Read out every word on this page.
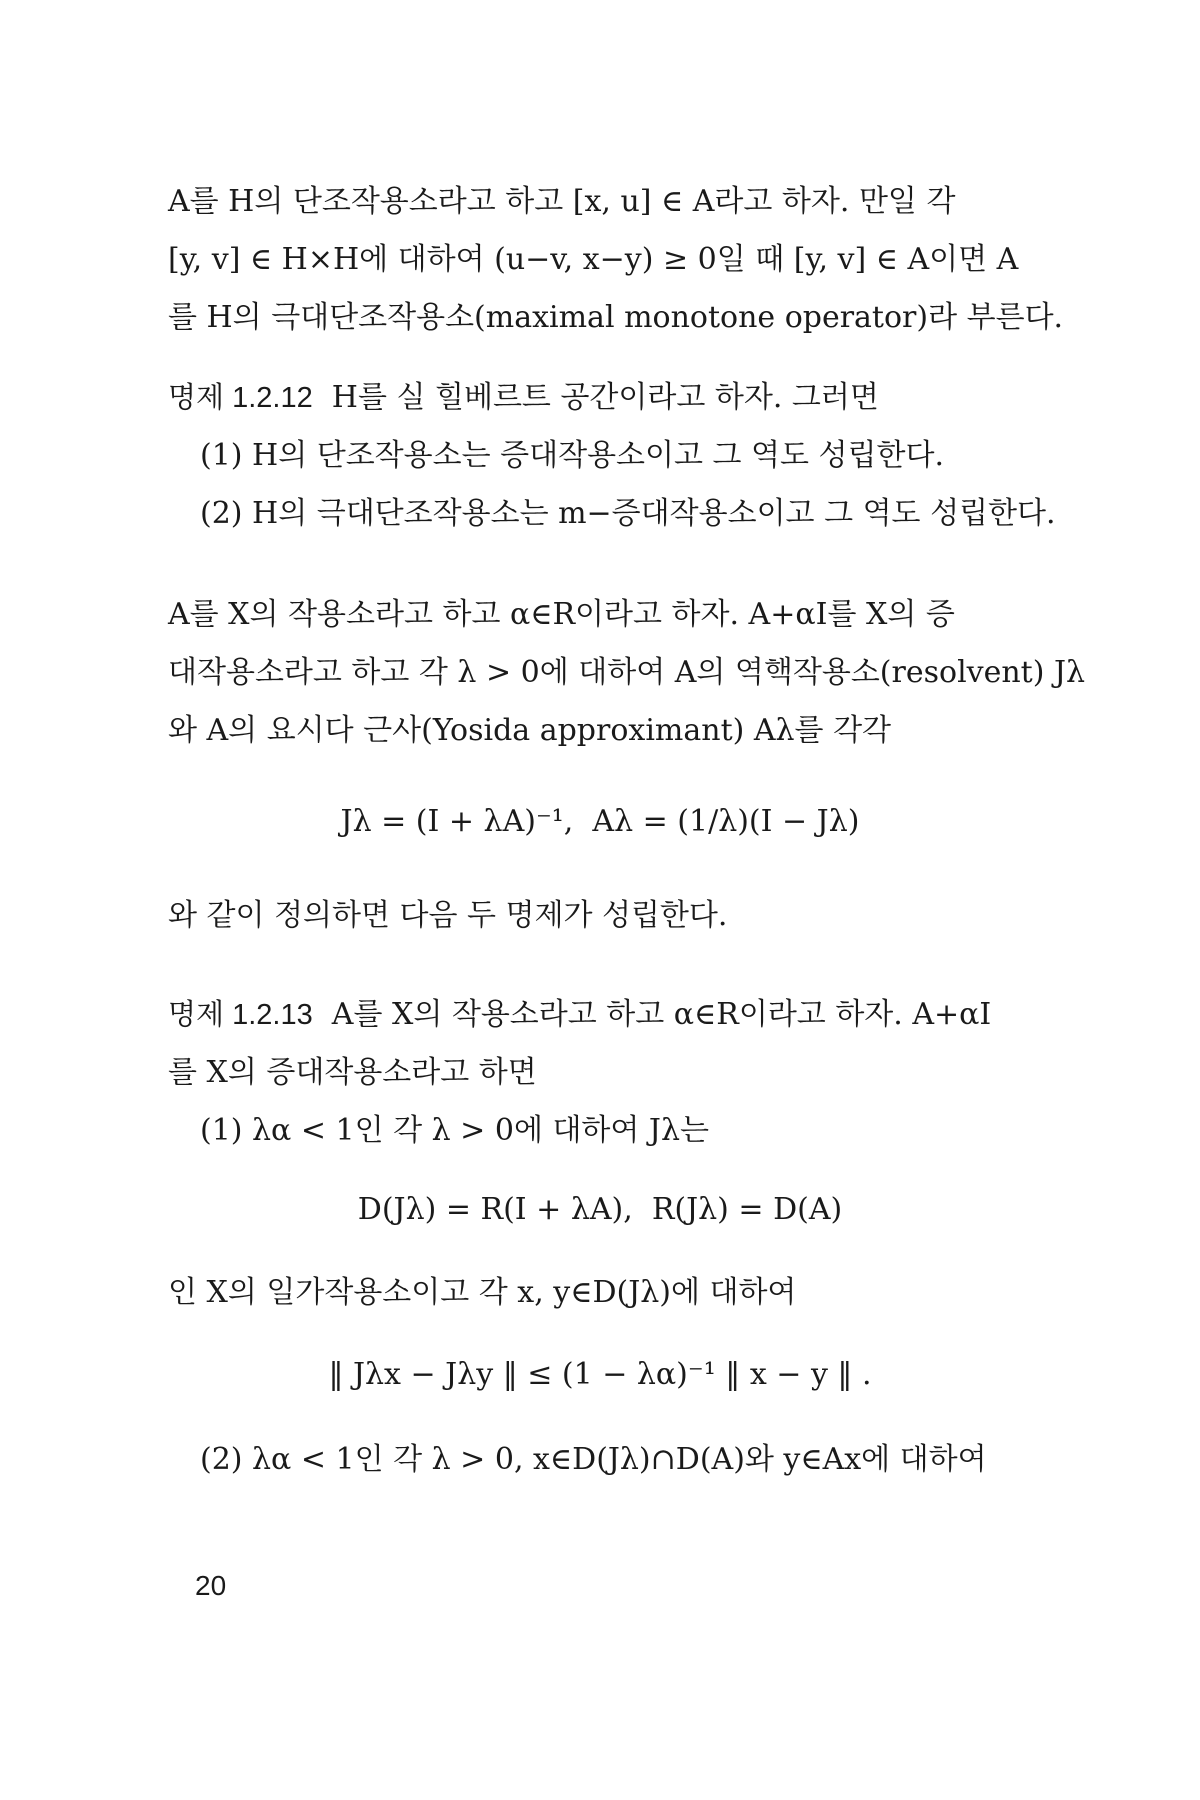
A를 H의 단조작용소라고 하고 [x, u] ∈ A라고 하자. 만일 각
[y, v] ∈ H×H에 대하여 (u−v, x−y) ≥ 0일 때 [y, v] ∈ A이면 A
를 H의 극대단조작용소(maximal monotone operator)라 부른다.
명제 1.2.12 H를 실 힐베르트 공간이라고 하자. 그러면
(1) H의 단조작용소는 증대작용소이고 그 역도 성립한다.
(2) H의 극대단조작용소는 m−증대작용소이고 그 역도 성립한다.
A를 X의 작용소라고 하고 α∈R이라고 하자. A+αI를 X의 증
대작용소라고 하고 각 λ > 0에 대하여 A의 역핵작용소(resolvent) Jλ
와 A의 요시다 근사(Yosida approximant) Aλ를 각각
Jλ = (I + λA)⁻¹,  Aλ = (1/λ)(I − Jλ)
와 같이 정의하면 다음 두 명제가 성립한다.
명제 1.2.13 A를 X의 작용소라고 하고 α∈R이라고 하자. A+αI
를 X의 증대작용소라고 하면
(1) λα < 1인 각 λ > 0에 대하여 Jλ는
D(Jλ) = R(I + λA),  R(Jλ) = D(A)
인 X의 일가작용소이고 각 x, y∈D(Jλ)에 대하여
‖ Jλx − Jλy ‖ ≤ (1 − λα)⁻¹ ‖ x − y ‖ .
(2) λα < 1인 각 λ > 0, x∈D(Jλ)∩D(A)와 y∈Ax에 대하여
20
